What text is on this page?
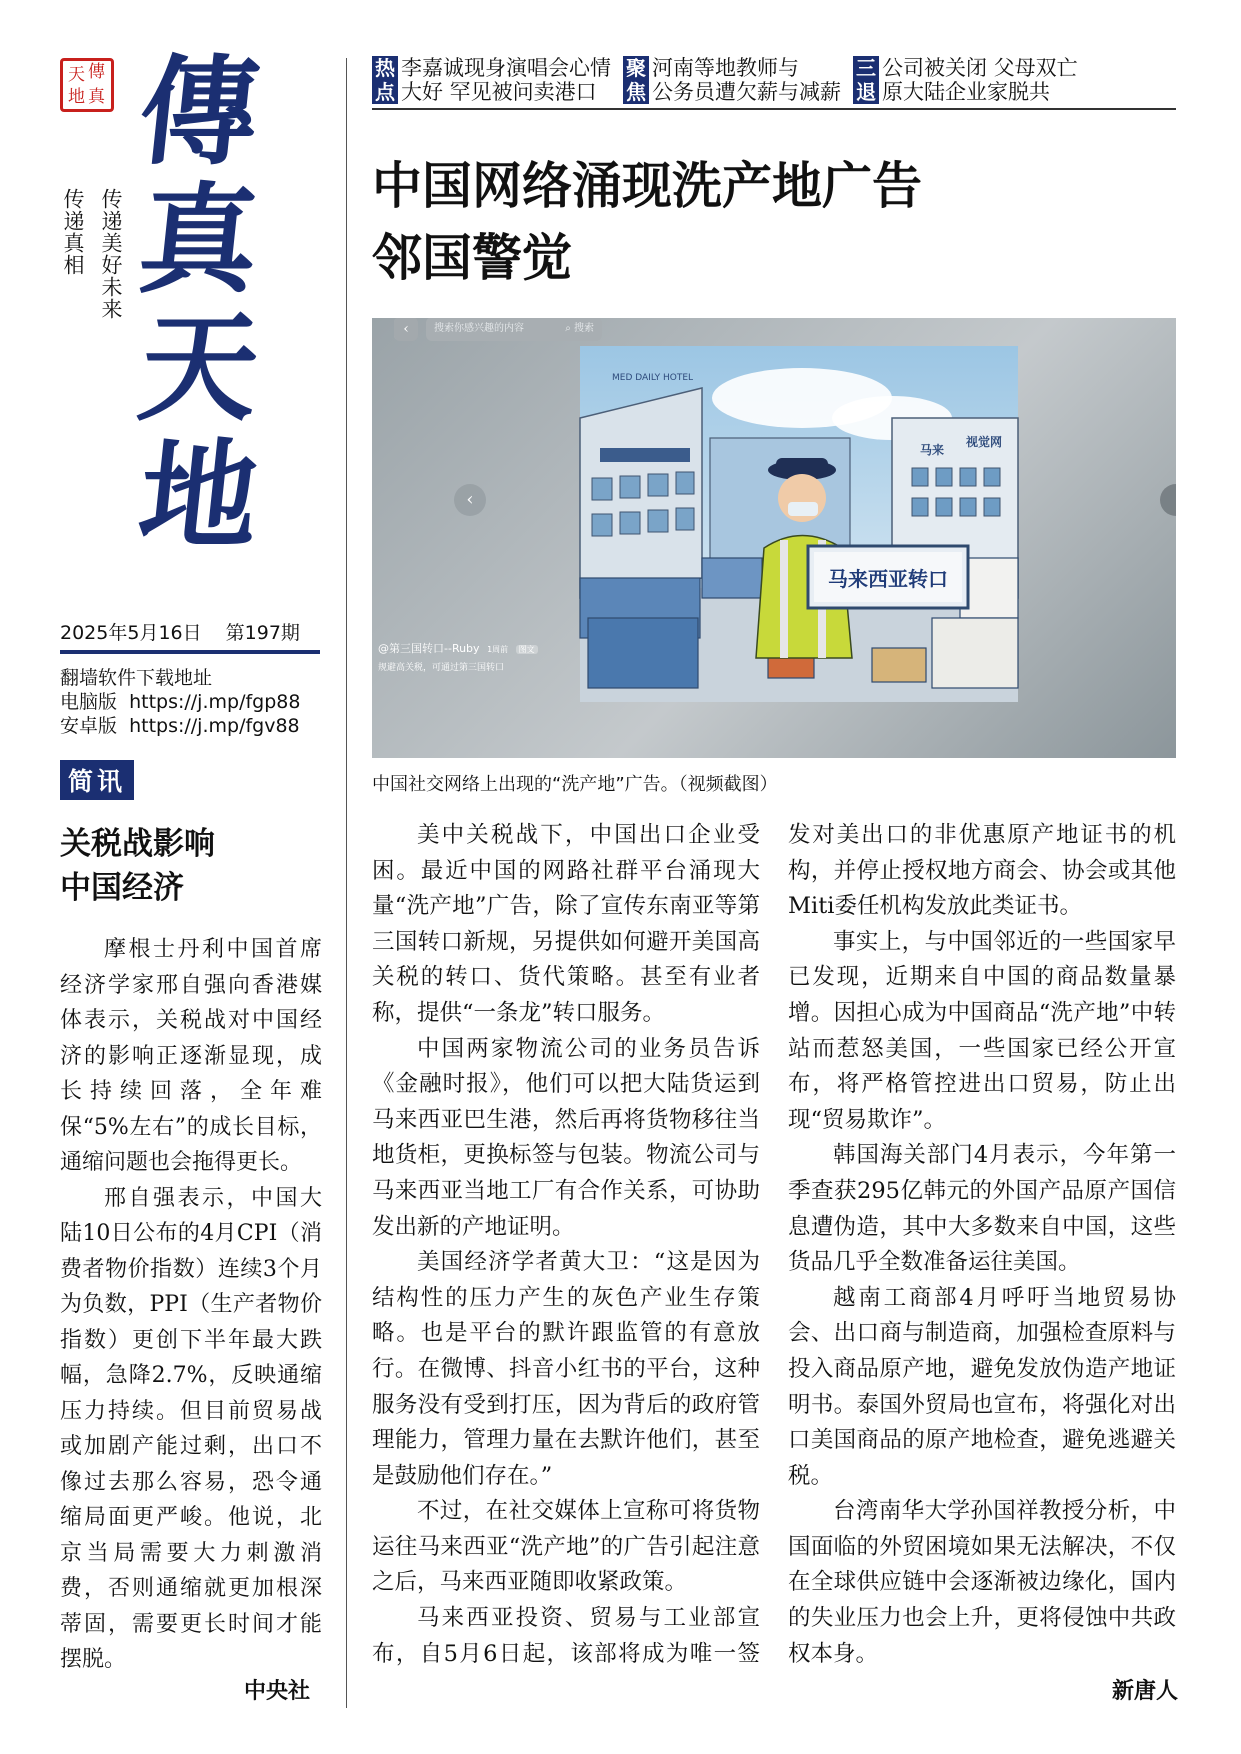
天 傳
地 真 傳
真
天
地
传递真相 传递美好未来
2025年5月16日 第197期
翻墙软件下载地址
电脑版  https://j.mp/fgp88
安卓版  https://j.mp/fgv88
简讯
关税战影响
中国经济

摩根士丹利中国首席经济学家邢自强向香港媒体表示，关税战对中国经济的影响正逐渐显现，成长持续回落，全年难保“5%左右”的成长目标，通缩问题也会拖得更长。

邢自强表示，中国大陆10日公布的4月CPI（消费者物价指数）连续3个月为负数，PPI（生产者物价指数）更创下半年最大跌幅，急降2.7%，反映通缩压力持续。但目前贸易战或加剧产能过剩，出口不像过去那么容易，恐令通缩局面更严峻。他说，北京当局需要大力刺激消费，否则通缩就更加根深蒂固，需要更长时间才能摆脱。

中央社
热
点
李嘉诚现身演唱会心情
大好 罕见被问卖港口
聚
焦
河南等地教师与
公务员遭欠薪与减薪
三
退
公司被关闭 父母双亡
原大陆企业家脱共
中国网络涌现洗产地广告
邻国警觉
马来西亚转口
MED DAILY HOTEL
马来
视觉网
‹	搜索你感兴趣的内容	⌕ 搜索
‹
@第三国转口--Ruby 1周前 图文
规避高关税，可通过第三国转口
中国社交网络上出现的“洗产地”广告。（视频截图）

美中关税战下，中国出口企业受困。最近中国的网路社群平台涌现大量“洗产地”广告，除了宣传东南亚等第三国转口新规，另提供如何避开美国高关税的转口、货代策略。甚至有业者称，提供“一条龙”转口服务。

中国两家物流公司的业务员告诉《金融时报》，他们可以把大陆货运到马来西亚巴生港，然后再将货物移往当地货柜，更换标签与包装。物流公司与马来西亚当地工厂有合作关系，可协助发出新的产地证明。

美国经济学者黄大卫：“这是因为结构性的压力产生的灰色产业生存策略。也是平台的默许跟监管的有意放行。在微博、抖音小红书的平台，这种服务没有受到打压，因为背后的政府管理能力，管理力量在去默许他们，甚至是鼓励他们存在。”

不过，在社交媒体上宣称可将货物运往马来西亚“洗产地”的广告引起注意之后，马来西亚随即收紧政策。

马来西亚投资、贸易与工业部宣布，自5月6日起，该部将成为唯一签发对美出口的非优惠原产地证书的机构，并停止授权地方商会、协会或其他Miti委任机构发放此类证书。

事实上，与中国邻近的一些国家早已发现，近期来自中国的商品数量暴增。因担心成为中国商品“洗产地”中转站而惹怒美国，一些国家已经公开宣布，将严格管控进出口贸易，防止出现“贸易欺诈”。

韩国海关部门4月表示，今年第一季查获295亿韩元的外国产品原产国信息遭伪造，其中大多数来自中国，这些货品几乎全数准备运往美国。

越南工商部4月呼吁当地贸易协会、出口商与制造商，加强检查原料与投入商品原产地，避免发放伪造产地证明书。泰国外贸局也宣布，将强化对出口美国商品的原产地检查，避免逃避关税。

台湾南华大学孙国祥教授分析，中国面临的外贸困境如果无法解决，不仅在全球供应链中会逐渐被边缘化，国内的失业压力也会上升，更将侵蚀中共政权本身。

新唐人
